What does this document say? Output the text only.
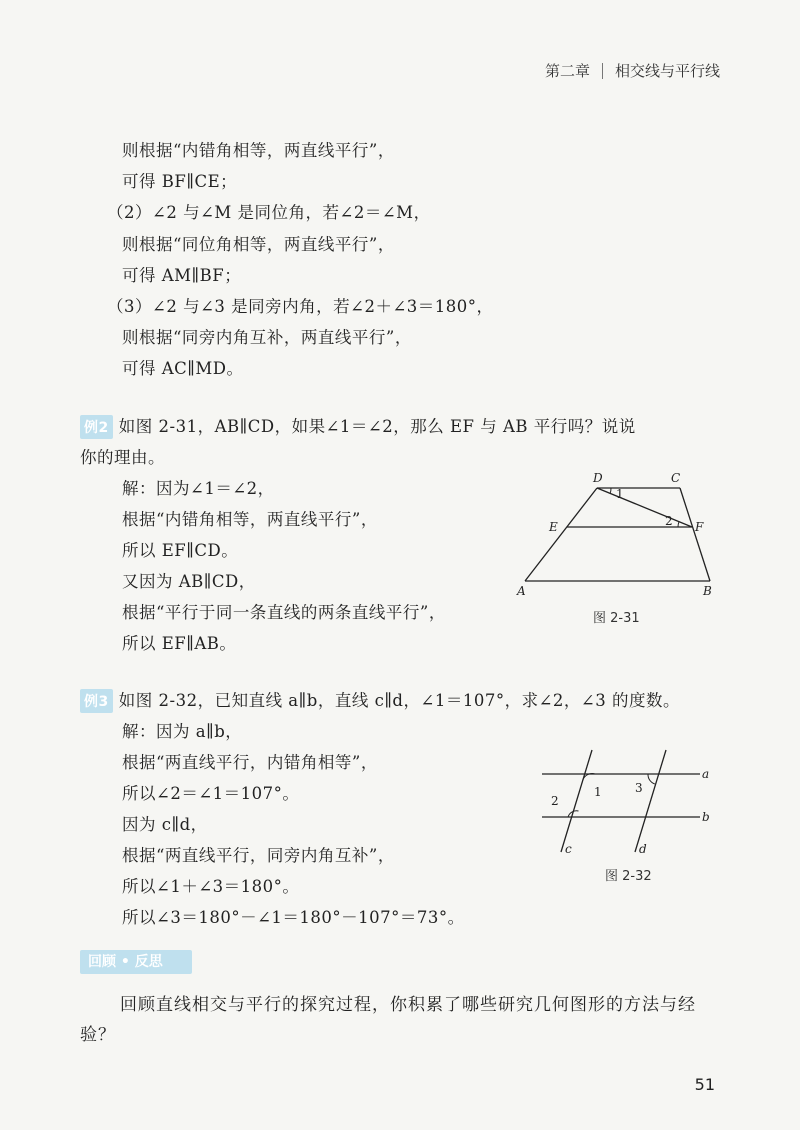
第二章 相交线与平行线
则根据“内错角相等，两直线平行”，
可得 BF∥CE；
（2）∠2 与∠M 是同位角，若∠2＝∠M，
则根据“同位角相等，两直线平行”，
可得 AM∥BF；
（3）∠2 与∠3 是同旁内角，若∠2＋∠3＝180°，
则根据“同旁内角互补，两直线平行”，
可得 AC∥MD。
例2 如图 2-31，AB∥CD，如果∠1＝∠2，那么 EF 与 AB 平行吗？说说
你的理由。
解：因为∠1＝∠2，
根据“内错角相等，两直线平行”，
所以 EF∥CD。
又因为 AB∥CD，
根据“平行于同一条直线的两条直线平行”，
所以 EF∥AB。
D	C
E	F
A	B
1
2
图 2-31
例3 如图 2-32，已知直线 a∥b，直线 c∥d，∠1＝107°，求∠2，∠3 的度数。
解：因为 a∥b，
根据“两直线平行，内错角相等”，
所以∠2＝∠1＝107°。
因为 c∥d，
根据“两直线平行，同旁内角互补”，
所以∠1＋∠3＝180°。
所以∠3＝180°－∠1＝180°－107°＝73°。
a
b
c	d
1
2
3
图 2-32
回顾 • 反思
回顾直线相交与平行的探究过程，你积累了哪些研究几何图形的方法与经验？
51
